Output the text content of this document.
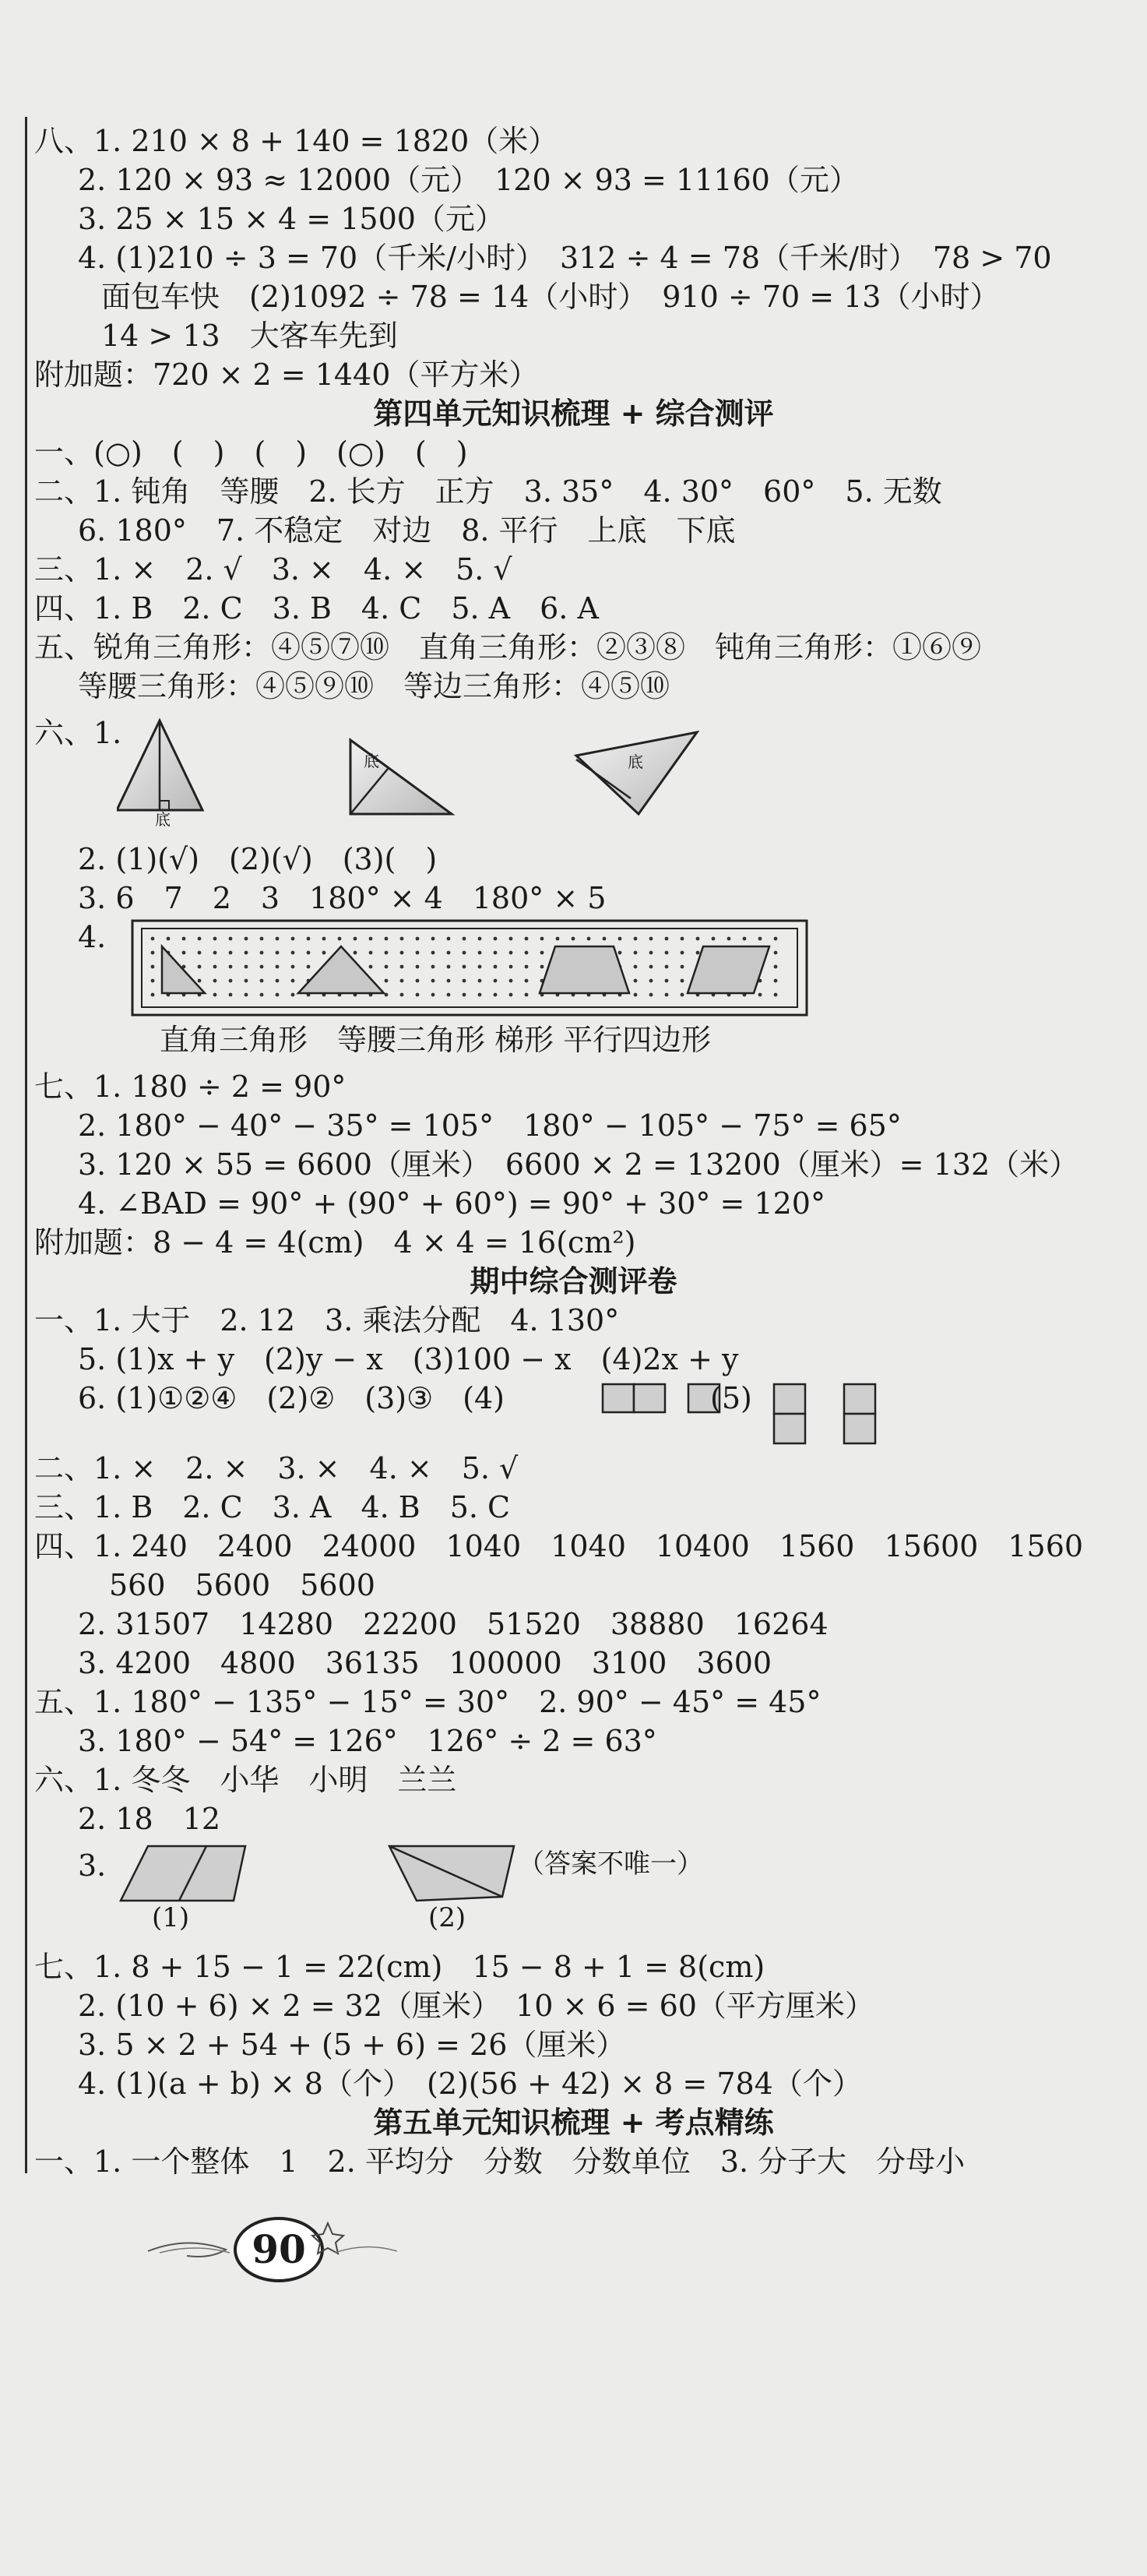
八、1. 210 × 8 + 140 = 1820（米）
2. 120 × 93 ≈ 12000（元）　120 × 93 = 11160（元）
3. 25 × 15 × 4 = 1500（元）
4. (1)210 ÷ 3 = 70（千米/小时）　312 ÷ 4 = 78（千米/时）　78 > 70
面包车快　(2)1092 ÷ 78 = 14（小时）　910 ÷ 70 = 13（小时）
14 > 13　大客车先到
附加题：720 × 2 = 1440（平方米）
第四单元知识梳理 + 综合测评
一、(○)　(　)　(　)　(○)　(　)
二、1. 钝角　等腰　2. 长方　正方　3. 35°　4. 30°　60°　5. 无数
6. 180°　7. 不稳定　对边　8. 平行　上底　下底
三、1. ×　2. √　3. ×　4. ×　5. √
四、1. B　2. C　3. B　4. C　5. A　6. A
五、锐角三角形：④⑤⑦⑩　直角三角形：②③⑧　钝角三角形：①⑥⑨
等腰三角形：④⑤⑨⑩　等边三角形：④⑤⑩
六、1.
底
底	底
2. (1)(√)　(2)(√)　(3)(　)
3. 6　7　2　3　180° × 4　180° × 5
4.
直角三角形　等腰三角形 梯形 平行四边形
七、1. 180 ÷ 2 = 90°
2. 180° − 40° − 35° = 105°　180° − 105° − 75° = 65°
3. 120 × 55 = 6600（厘米）　6600 × 2 = 13200（厘米）= 132（米）
4. ∠BAD = 90° + (90° + 60°) = 90° + 30° = 120°
附加题：8 − 4 = 4(cm)　4 × 4 = 16(cm²)
期中综合测评卷
一、1. 大于　2. 12　3. 乘法分配　4. 130°
5. (1)x + y　(2)y − x　(3)100 − x　(4)2x + y
6. (1)①②④　(2)②　(3)③　(4)	(5)
二、1. ×　2. ×　3. ×　4. ×　5. √
三、1. B　2. C　3. A　4. B　5. C
四、1. 240　2400　24000　1040　1040　10400　1560　15600　1560
560　5600　5600
2. 31507　14280　22200　51520　38880　16264
3. 4200　4800　36135　100000　3100　3600
五、1. 180° − 135° − 15° = 30°　2. 90° − 45° = 45°
3. 180° − 54° = 126°　126° ÷ 2 = 63°
六、1. 冬冬　小华　小明　兰兰
2. 18　12
3.	（答案不唯一）
(1)	(2)
七、1. 8 + 15 − 1 = 22(cm)　15 − 8 + 1 = 8(cm)
2. (10 + 6) × 2 = 32（厘米）　10 × 6 = 60（平方厘米）
3. 5 × 2 + 54 + (5 + 6) = 26（厘米）
4. (1)(a + b) × 8（个）　(2)(56 + 42) × 8 = 784（个）
第五单元知识梳理 + 考点精练
一、1. 一个整体　1　2. 平均分　分数　分数单位　3. 分子大　分母小
90
